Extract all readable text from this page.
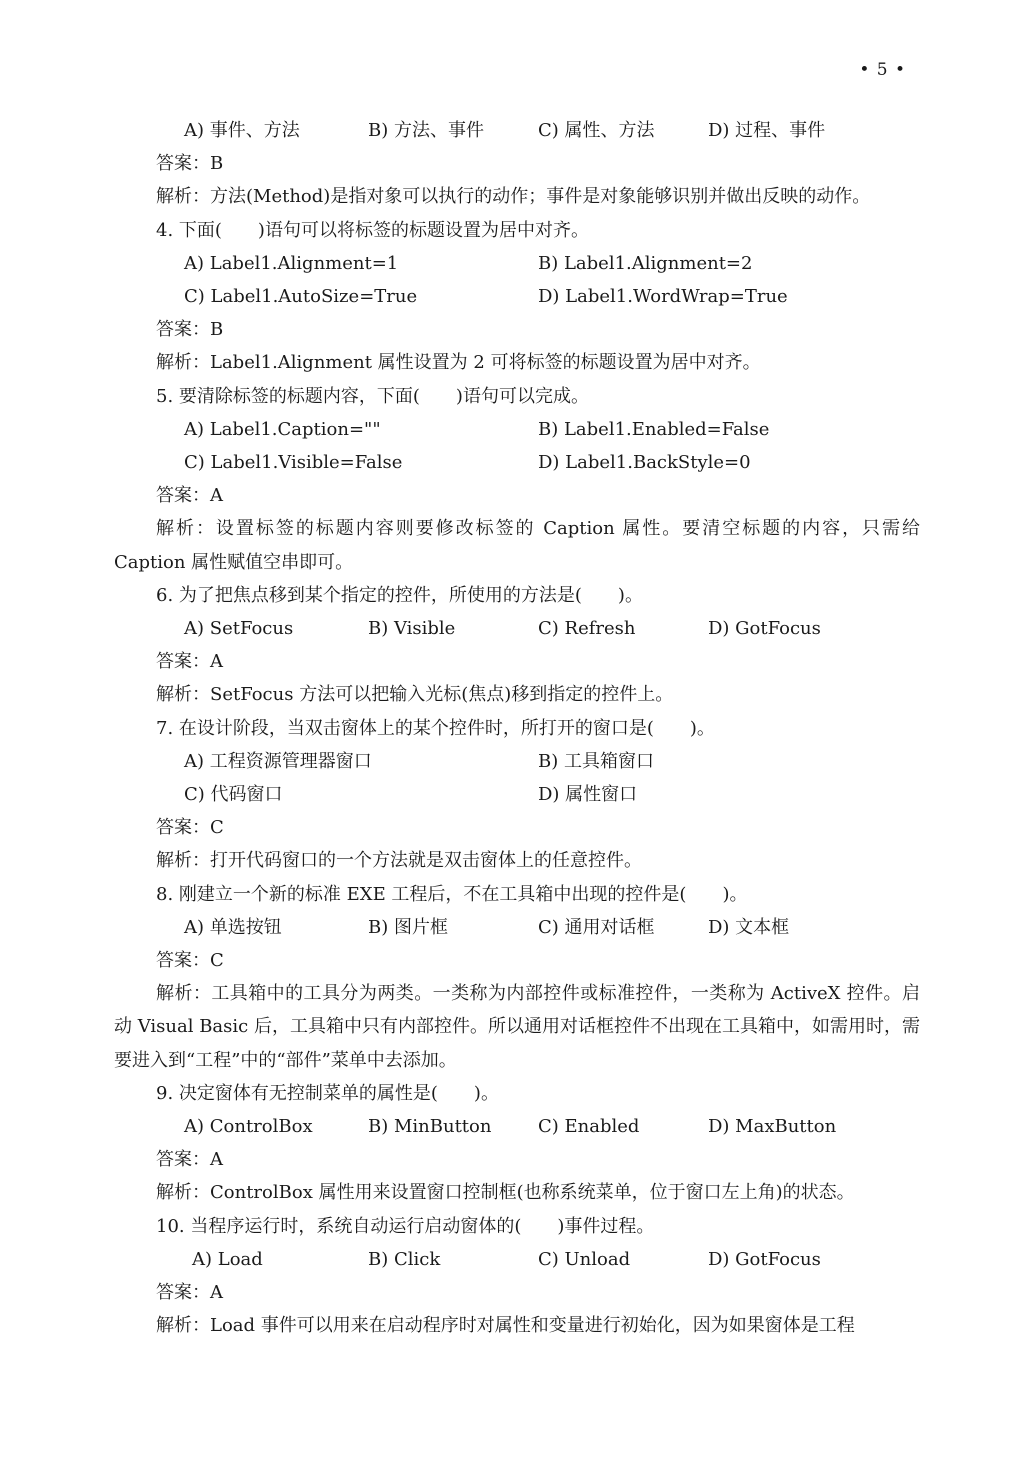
• 5 •
A) 事件、方法	B) 方法、事件	C) 属性、方法	D) 过程、事件
答案：B
解析：方法(Method)是指对象可以执行的动作；事件是对象能够识别并做出反映的动作。
4. 下面(　　)语句可以将标签的标题设置为居中对齐。
A) Label1.Alignment=1	B) Label1.Alignment=2
C) Label1.AutoSize=True	D) Label1.WordWrap=True
答案：B
解析：Label1.Alignment 属性设置为 2 可将标签的标题设置为居中对齐。
5. 要清除标签的标题内容，下面(　　)语句可以完成。
A) Label1.Caption=""	B) Label1.Enabled=False
C) Label1.Visible=False	D) Label1.BackStyle=0
答案：A
解析：设置标签的标题内容则要修改标签的 Caption 属性。要清空标题的内容，只需给 Caption 属性赋值空串即可。
6. 为了把焦点移到某个指定的控件，所使用的方法是(　　)。
A) SetFocus	B) Visible	C) Refresh	D) GotFocus
答案：A
解析：SetFocus 方法可以把输入光标(焦点)移到指定的控件上。
7. 在设计阶段，当双击窗体上的某个控件时，所打开的窗口是(　　)。
A) 工程资源管理器窗口	B) 工具箱窗口
C) 代码窗口	D) 属性窗口
答案：C
解析：打开代码窗口的一个方法就是双击窗体上的任意控件。
8. 刚建立一个新的标准 EXE 工程后，不在工具箱中出现的控件是(　　)。
A) 单选按钮	B) 图片框	C) 通用对话框	D) 文本框
答案：C
解析：工具箱中的工具分为两类。一类称为内部控件或标准控件，一类称为 ActiveX 控件。启动 Visual Basic 后，工具箱中只有内部控件。所以通用对话框控件不出现在工具箱中，如需用时，需要进入到“工程”中的“部件”菜单中去添加。
9. 决定窗体有无控制菜单的属性是(　　)。
A) ControlBox	B) MinButton	C) Enabled	D) MaxButton
答案：A
解析：ControlBox 属性用来设置窗口控制框(也称系统菜单，位于窗口左上角)的状态。
10. 当程序运行时，系统自动运行启动窗体的(　　)事件过程。
A) Load	B) Click	C) Unload	D) GotFocus
答案：A
解析：Load 事件可以用来在启动程序时对属性和变量进行初始化，因为如果窗体是工程
